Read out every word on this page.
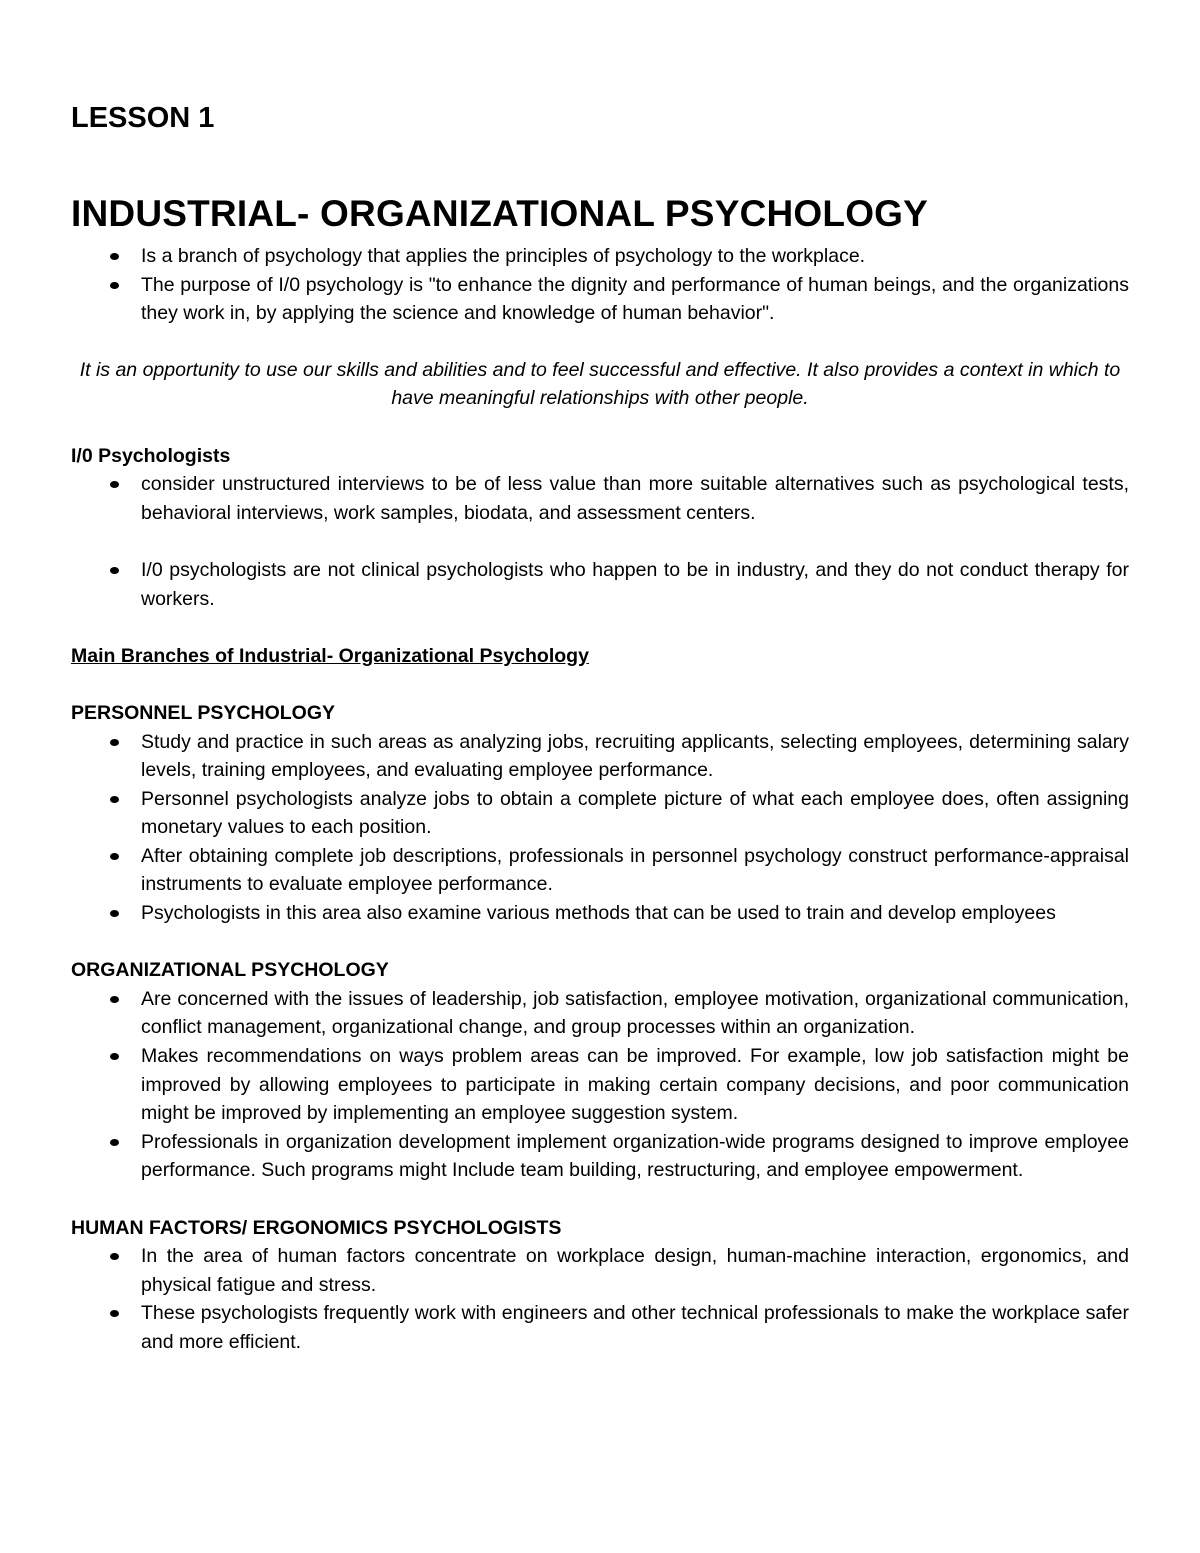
LESSON 1
INDUSTRIAL- ORGANIZATIONAL PSYCHOLOGY
Is a branch of psychology that applies the principles of psychology to the workplace.
The purpose of I/0 psychology is "to enhance the dignity and performance of human beings, and the organizations they work in, by applying the science and knowledge of human behavior".

It is an opportunity to use our skills and abilities and to feel successful and effective. It also provides a context in which to have meaningful relationships with other people.

I/0 Psychologists

consider unstructured interviews to be of less value than more suitable alternatives such as psychological tests, behavioral interviews, work samples, biodata, and assessment centers.
I/0 psychologists are not clinical psychologists who happen to be in industry, and they do not conduct therapy for workers.

Main Branches of Industrial- Organizational Psychology

PERSONNEL PSYCHOLOGY

Study and practice in such areas as analyzing jobs, recruiting applicants, selecting employees, determining salary levels, training employees, and evaluating employee performance.
Personnel psychologists analyze jobs to obtain a complete picture of what each employee does, often assigning monetary values to each position.
After obtaining complete job descriptions, professionals in personnel psychology construct performance-appraisal instruments to evaluate employee performance.
Psychologists in this area also examine various methods that can be used to train and develop employees

ORGANIZATIONAL PSYCHOLOGY

Are concerned with the issues of leadership, job satisfaction, employee motivation, organizational communication, conflict management, organizational change, and group processes within an organization.
Makes recommendations on ways problem areas can be improved. For example, low job satisfaction might be improved by allowing employees to participate in making certain company decisions, and poor communication might be improved by implementing an employee suggestion system.
Professionals in organization development implement organization-wide programs designed to improve employee performance. Such programs might Include team building, restructuring, and employee empowerment.

HUMAN FACTORS/ ERGONOMICS PSYCHOLOGISTS

In the area of human factors concentrate on workplace design, human-machine interaction, ergonomics, and physical fatigue and stress.
These psychologists frequently work with engineers and other technical professionals to make the workplace safer and more efficient.
